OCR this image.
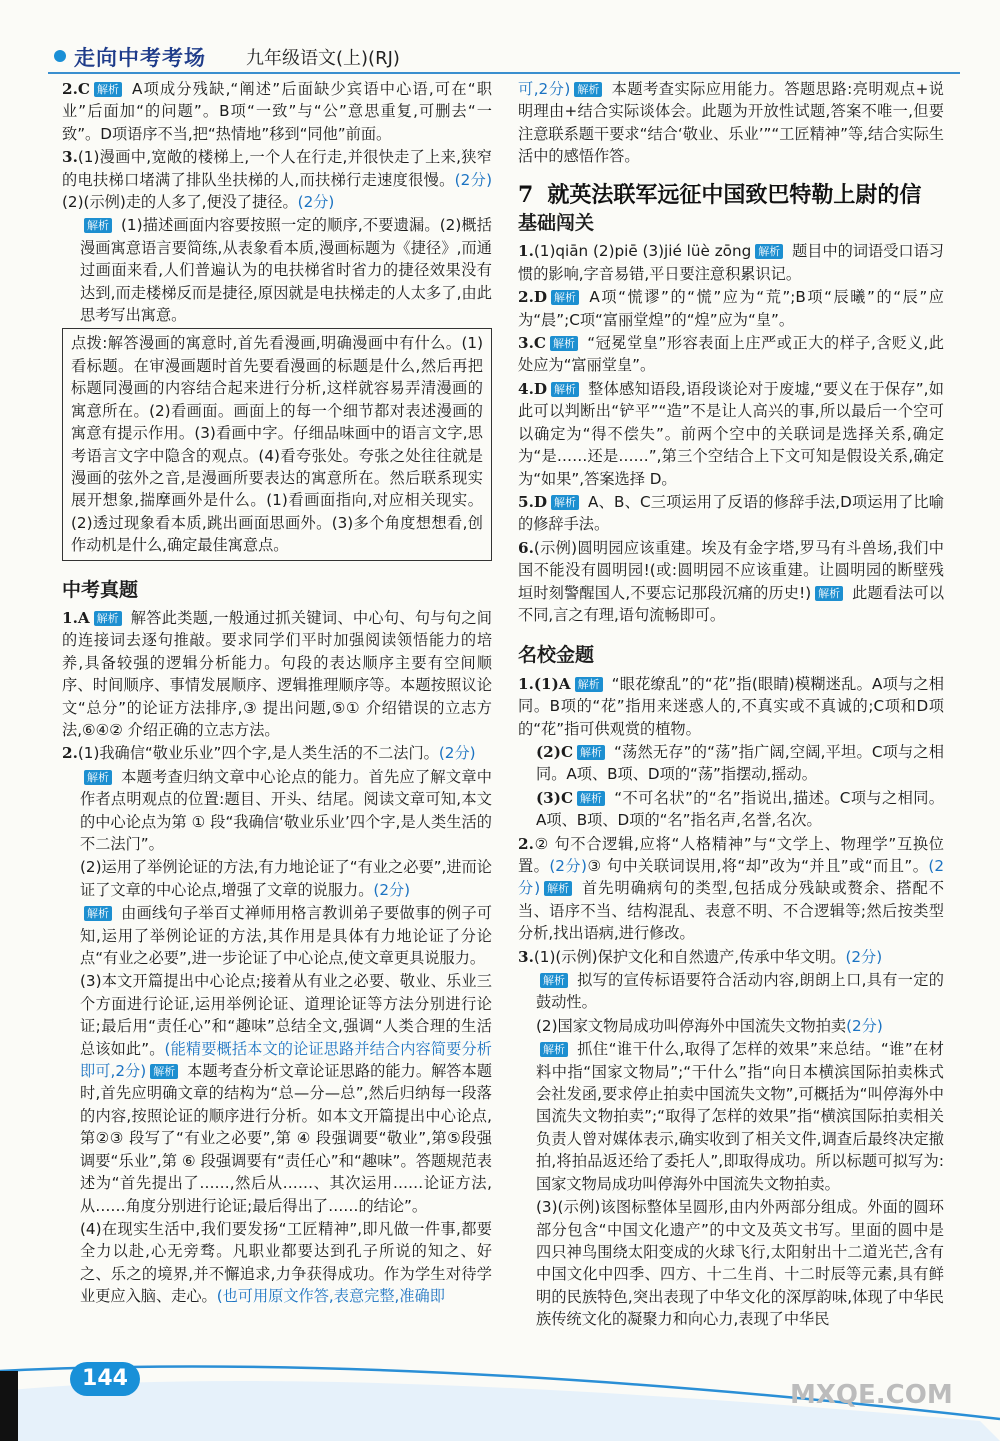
走向中考考场 九年级语文(上)(RJ)

2.C 解析 A项成分残缺,“阐述”后面缺少宾语中心语,可在“职业”后面加“的问题”。B项“一致”与“公”意思重复,可删去“一致”。D项语序不当,把“热情地”移到“同他”前面。

3.(1)漫画中,宽敞的楼梯上,一个人在行走,并很快走了上来,狭窄的电扶梯口堵满了排队坐扶梯的人,而扶梯行走速度很慢。(2分) (2)(示例)走的人多了,便没了捷径。(2分)

解析 (1)描述画面内容要按照一定的顺序,不要遗漏。(2)概括漫画寓意语言要简练,从表象看本质,漫画标题为《捷径》,而通过画面来看,人们普遍认为的电扶梯省时省力的捷径效果没有达到,而走楼梯反而是捷径,原因就是电扶梯走的人太多了,由此思考写出寓意。

点拨:解答漫画的寓意时,首先看漫画,明确漫画中有什么。(1)看标题。在审漫画题时首先要看漫画的标题是什么,然后再把标题同漫画的内容结合起来进行分析,这样就容易弄清漫画的寓意所在。(2)看画面。画面上的每一个细节都对表述漫画的寓意有提示作用。(3)看画中字。仔细品味画中的语言文字,思考语言文字中隐含的观点。(4)看夸张处。夸张之处往往就是漫画的弦外之音,是漫画所要表达的寓意所在。然后联系现实展开想象,揣摩画外是什么。(1)看画面指向,对应相关现实。(2)透过现象看本质,跳出画面思画外。(3)多个角度想想看,创作动机是什么,确定最佳寓意点。
中考真题

1.A 解析 解答此类题,一般通过抓关键词、中心句、句与句之间的连接词去逐句推敲。要求同学们平时加强阅读领悟能力的培养,具备较强的逻辑分析能力。句段的表达顺序主要有空间顺序、时间顺序、事情发展顺序、逻辑推理顺序等。本题按照议论文“总分”的论证方法排序,③ 提出问题,⑤① 介绍错误的立志方法,⑥④② 介绍正确的立志方法。

2.(1)我确信“敬业乐业”四个字,是人类生活的不二法门。(2分)

解析 本题考查归纳文章中心论点的能力。首先应了解文章中作者点明观点的位置:题目、开头、结尾。阅读文章可知,本文的中心论点为第 ① 段“我确信‘敬业乐业’四个字,是人类生活的不二法门”。

(2)运用了举例论证的方法,有力地论证了“有业之必要”,进而论证了文章的中心论点,增强了文章的说服力。(2分)

解析 由画线句子举百丈禅师用格言教训弟子要做事的例子可知,运用了举例论证的方法,其作用是具体有力地论证了分论点“有业之必要”,进一步论证了中心论点,使文章更具说服力。

(3)本文开篇提出中心论点;接着从有业之必要、敬业、乐业三个方面进行论证,运用举例论证、道理论证等方法分别进行论证;最后用“责任心”和“趣味”总结全文,强调“人类合理的生活总该如此”。(能精要概括本文的论证思路并结合内容简要分析即可,2分) 解析 本题考查分析文章论证思路的能力。解答本题时,首先应明确文章的结构为“总—分—总”,然后归纳每一段落的内容,按照论证的顺序进行分析。如本文开篇提出中心论点,第②③ 段写了“有业之必要”,第 ④ 段强调要“敬业”,第⑤段强调要“乐业”,第 ⑥ 段强调要有“责任心”和“趣味”。答题规范表述为“首先提出了……,然后从……、其次运用……论证方法,从……角度分别进行论证;最后得出了……的结论”。

(4)在现实生活中,我们要发扬“工匠精神”,即凡做一件事,都要全力以赴,心无旁骛。凡职业都要达到孔子所说的知之、好之、乐之的境界,并不懈追求,力争获得成功。作为学生对待学业更应入脑、走心。(也可用原文作答,表意完整,准确即

可,2分) 解析 本题考查实际应用能力。答题思路:亮明观点+说明理由+结合实际谈体会。此题为开放性试题,答案不唯一,但要注意联系题干要求“结合‘敬业、乐业’”“工匠精神”等,结合实际生活中的感悟作答。

7 就英法联军远征中国致巴特勒上尉的信
基础闯关

1.(1)qiān (2)piē (3)jié lüè zōng 解析 题目中的词语受口语习惯的影响,字音易错,平日要注意积累识记。

2.D 解析 A项“慌谬”的“慌”应为“荒”;B项“辰曦”的“辰”应为“晨”;C项“富丽堂煌”的“煌”应为“皇”。

3.C 解析 “冠冕堂皇”形容表面上庄严或正大的样子,含贬义,此处应为“富丽堂皇”。

4.D 解析 整体感知语段,语段谈论对于废墟,“要义在于保存”,如此可以判断出“铲平”“造”不是让人高兴的事,所以最后一个空可以确定为“得不偿失”。前两个空中的关联词是选择关系,确定为“是……还是……”,第三个空结合上下文可知是假设关系,确定为“如果”,答案选择 D。

5.D 解析 A、B、C三项运用了反语的修辞手法,D项运用了比喻的修辞手法。

6.(示例)圆明园应该重建。埃及有金字塔,罗马有斗兽场,我们中国不能没有圆明园!(或:圆明园不应该重建。让圆明园的断壁残垣时刻警醒国人,不要忘记那段沉痛的历史!) 解析 此题看法可以不同,言之有理,语句流畅即可。

名校金题

1.(1)A 解析 “眼花缭乱”的“花”指(眼睛)模糊迷乱。A项与之相同。B项的“花”指用来迷惑人的,不真实或不真诚的;C项和D项的“花”指可供观赏的植物。

(2)C 解析 “荡然无存”的“荡”指广阔,空阔,平坦。C项与之相同。A项、B项、D项的“荡”指摆动,摇动。

(3)C 解析 “不可名状”的“名”指说出,描述。C项与之相同。A项、B项、D项的“名”指名声,名誉,名次。

2.② 句不合逻辑,应将“人格精神”与“文学上、物理学”互换位置。(2分)③ 句中关联词误用,将“却”改为“并且”或“而且”。(2分) 解析 首先明确病句的类型,包括成分残缺或赘余、搭配不当、语序不当、结构混乱、表意不明、不合逻辑等;然后按类型分析,找出语病,进行修改。

3.(1)(示例)保护文化和自然遗产,传承中华文明。(2分)

解析 拟写的宣传标语要符合活动内容,朗朗上口,具有一定的鼓动性。

(2)国家文物局成功叫停海外中国流失文物拍卖(2分)

解析 抓住“谁干什么,取得了怎样的效果”来总结。“谁”在材料中指“国家文物局”;“干什么”指“向日本横滨国际拍卖株式会社发函,要求停止拍卖中国流失文物”,可概括为“叫停海外中国流失文物拍卖”;“取得了怎样的效果”指“横滨国际拍卖相关负责人曾对媒体表示,确实收到了相关文件,调查后最终决定撤拍,将拍品返还给了委托人”,即取得成功。所以标题可拟写为:国家文物局成功叫停海外中国流失文物拍卖。

(3)(示例)该图标整体呈圆形,由内外两部分组成。外面的圆环部分包含“中国文化遗产”的中文及英文书写。里面的圆中是四只神鸟围绕太阳变成的火球飞行,太阳射出十二道光芒,含有中国文化中四季、四方、十二生肖、十二时辰等元素,具有鲜明的民族特色,突出表现了中华文化的深厚韵味,体现了中华民族传统文化的凝聚力和向心力,表现了中华民

144
MXQE.COM
